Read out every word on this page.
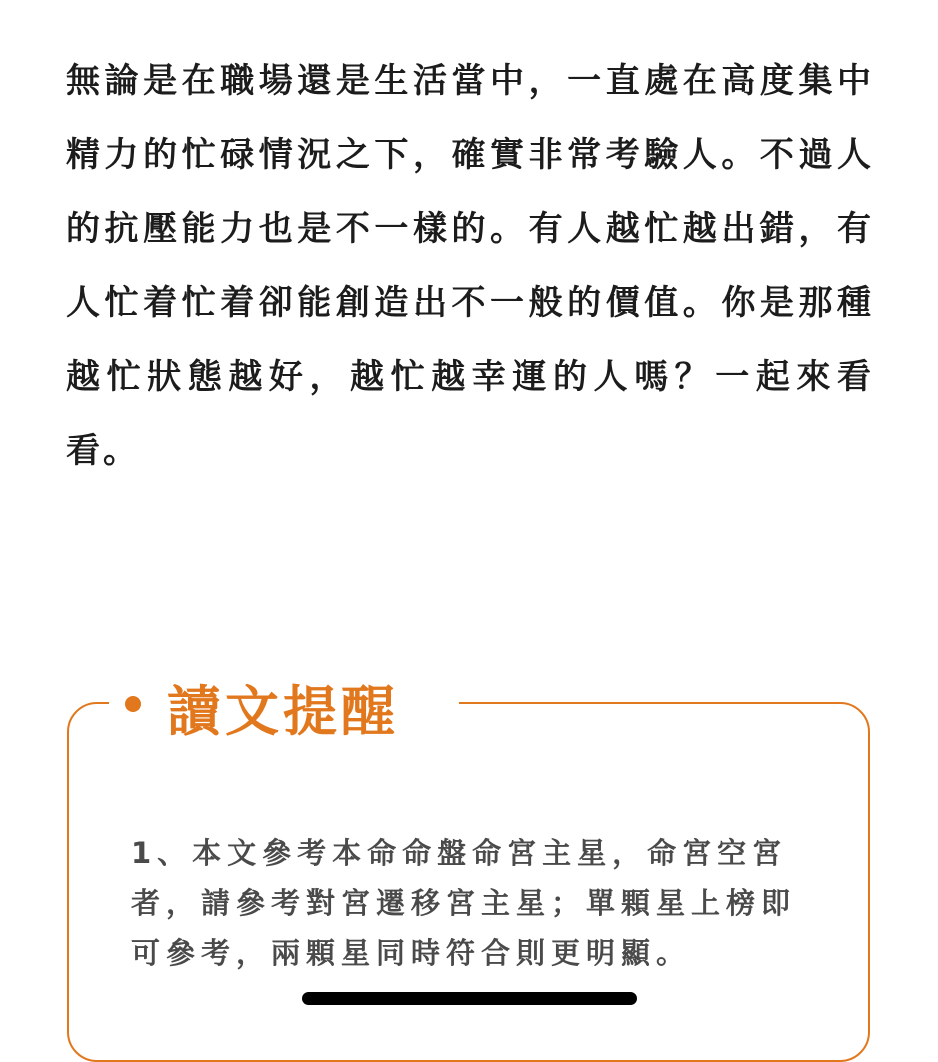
無論是在職場還是生活當中，一直處在高度集中精力的忙碌情況之下，確實非常考驗人。不過人的抗壓能力也是不一樣的。有人越忙越出錯，有人忙着忙着卻能創造出不一般的價值。你是那種越忙狀態越好，越忙越幸運的人嗎？一起來看看。

讀文提醒

1、本文參考本命命盤命宮主星，命宮空宮者，請參考對宮遷移宮主星；單顆星上榜即可參考，兩顆星同時符合則更明顯。
